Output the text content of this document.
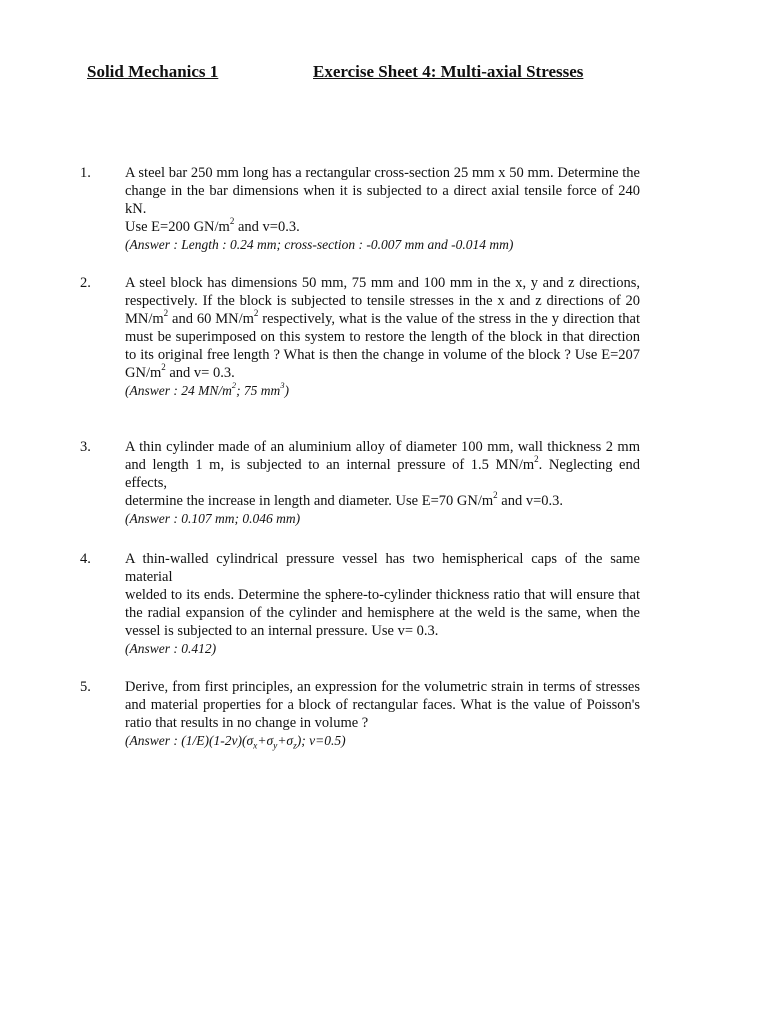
Solid Mechanics 1	Exercise Sheet 4: Multi-axial Stresses
1. A steel bar 250 mm long has a rectangular cross-section 25 mm x 50 mm. Determine the
change in the bar dimensions when it is subjected to a direct axial tensile force of 240 kN.
Use E=200 $GN/m^2$ and v=0.3.
(Answer : Length : 0.24 mm; cross-section : -0.007 mm and -0.014 mm)
2. A steel block has dimensions 50 mm, 75 mm and 100 mm in the x, y and z directions,
respectively. If the block is subjected to tensile stresses in the x and z directions of 20
$MN/m^2$ and 60 $MN/m^2$ respectively, what is the value of the stress in the y direction that
must be superimposed on this system to restore the length of the block in that direction
to its original free length ? What is then the change in volume of the block ? Use E=207
$GN/m^2$ and v= 0.3.
(Answer : 24 $MN/m^2$; 75 $mm^3$)
3. A thin cylinder made of an aluminium alloy of diameter 100 mm, wall thickness 2 mm
and length 1 m, is subjected to an internal pressure of 1.5 $MN/m^2$. Neglecting end effects,
determine the increase in length and diameter. Use E=70 $GN/m^2$ and v=0.3.
(Answer : 0.107 mm; 0.046 mm)
4. A thin-walled cylindrical pressure vessel has two hemispherical caps of the same material
welded to its ends. Determine the sphere-to-cylinder thickness ratio that will ensure that
the radial expansion of the cylinder and hemisphere at the weld is the same, when the
vessel is subjected to an internal pressure. Use v= 0.3.
(Answer : 0.412)
5. Derive, from first principles, an expression for the volumetric strain in terms of stresses
and material properties for a block of rectangular faces. What is the value of Poisson's
ratio that results in no change in volume ?
(Answer : $(1/E)(1-2v)(\sigma_x+\sigma_y+\sigma_z)$; v=0.5)
